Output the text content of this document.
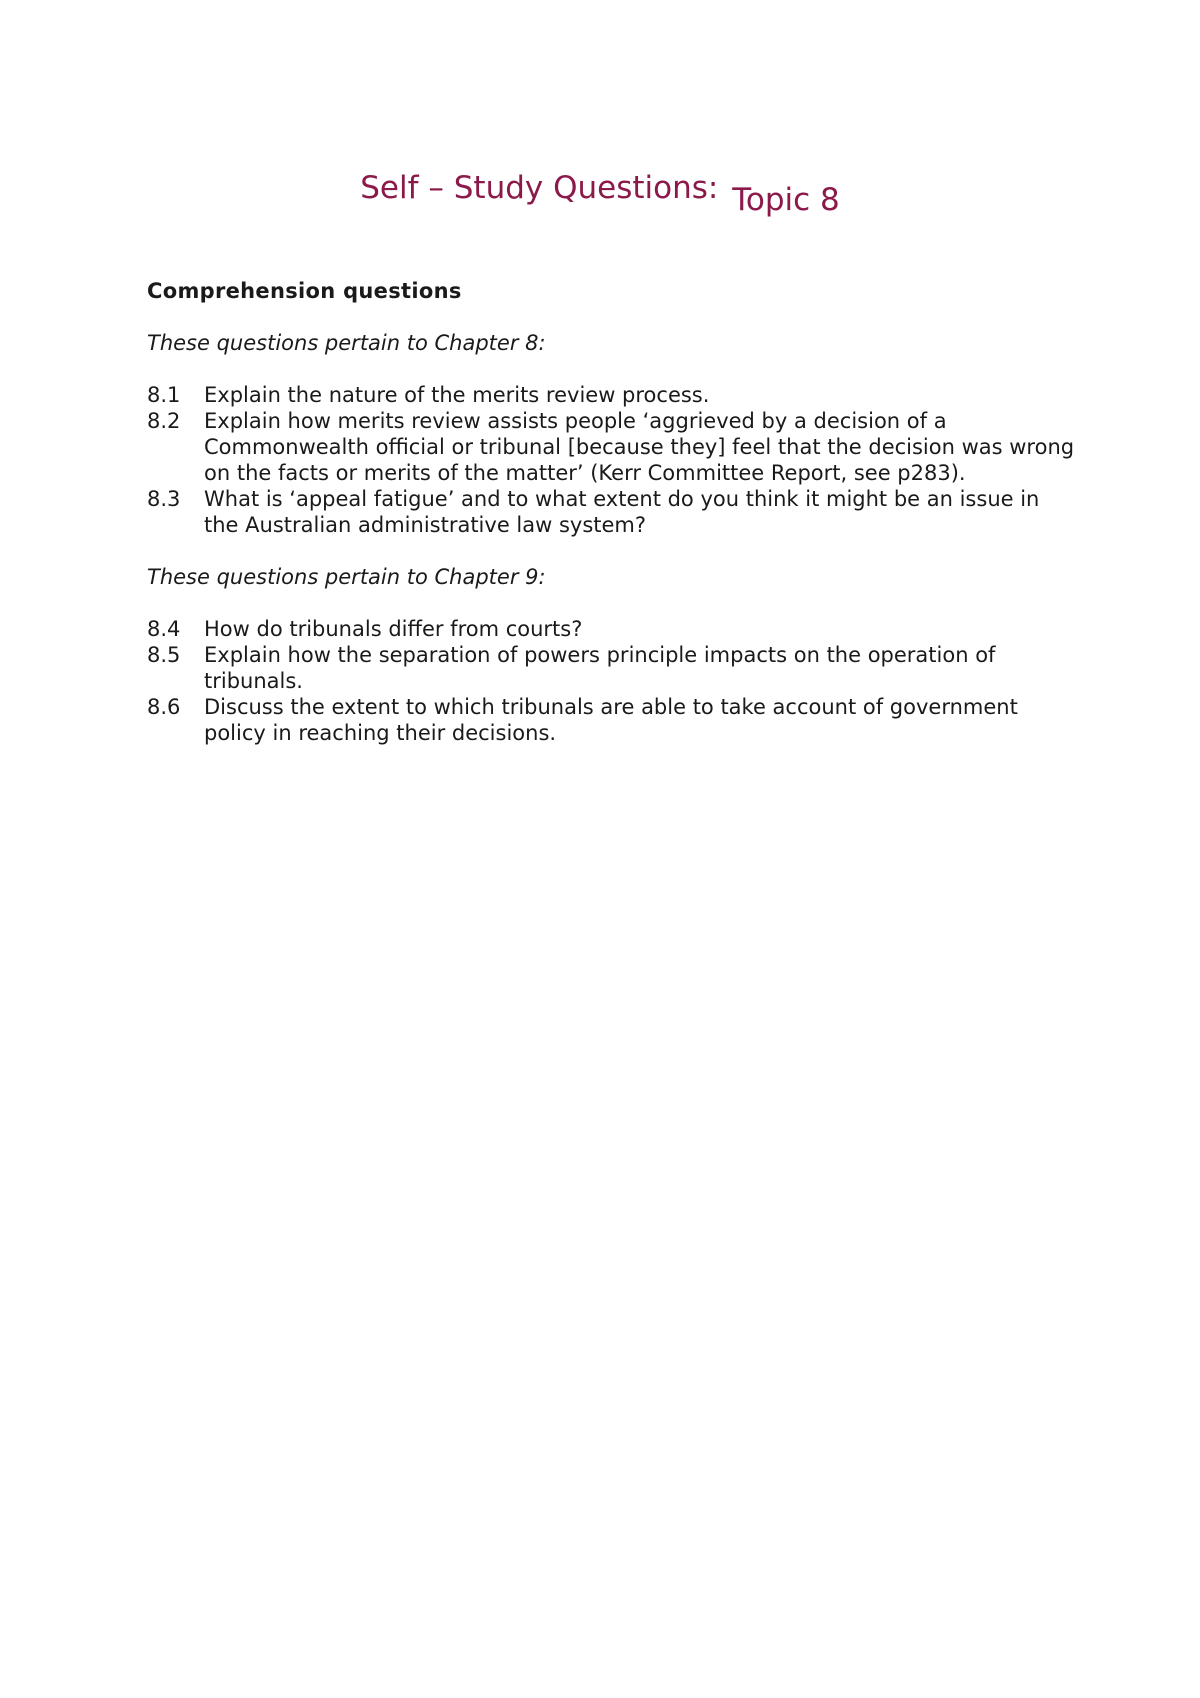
Self – Study Questions: Topic 8
Comprehension questions
These questions pertain to Chapter 8:
8.1	Explain the nature of the merits review process.
8.2	Explain how merits review assists people ‘aggrieved by a decision of a Commonwealth official or tribunal [because they] feel that the decision was wrong on the facts or merits of the matter’ (Kerr Committee Report, see p283).
8.3	What is ‘appeal fatigue’ and to what extent do you think it might be an issue in the Australian administrative law system?
These questions pertain to Chapter 9:
8.4	How do tribunals differ from courts?
8.5	Explain how the separation of powers principle impacts on the operation of tribunals.
8.6	Discuss the extent to which tribunals are able to take account of government policy in reaching their decisions.
